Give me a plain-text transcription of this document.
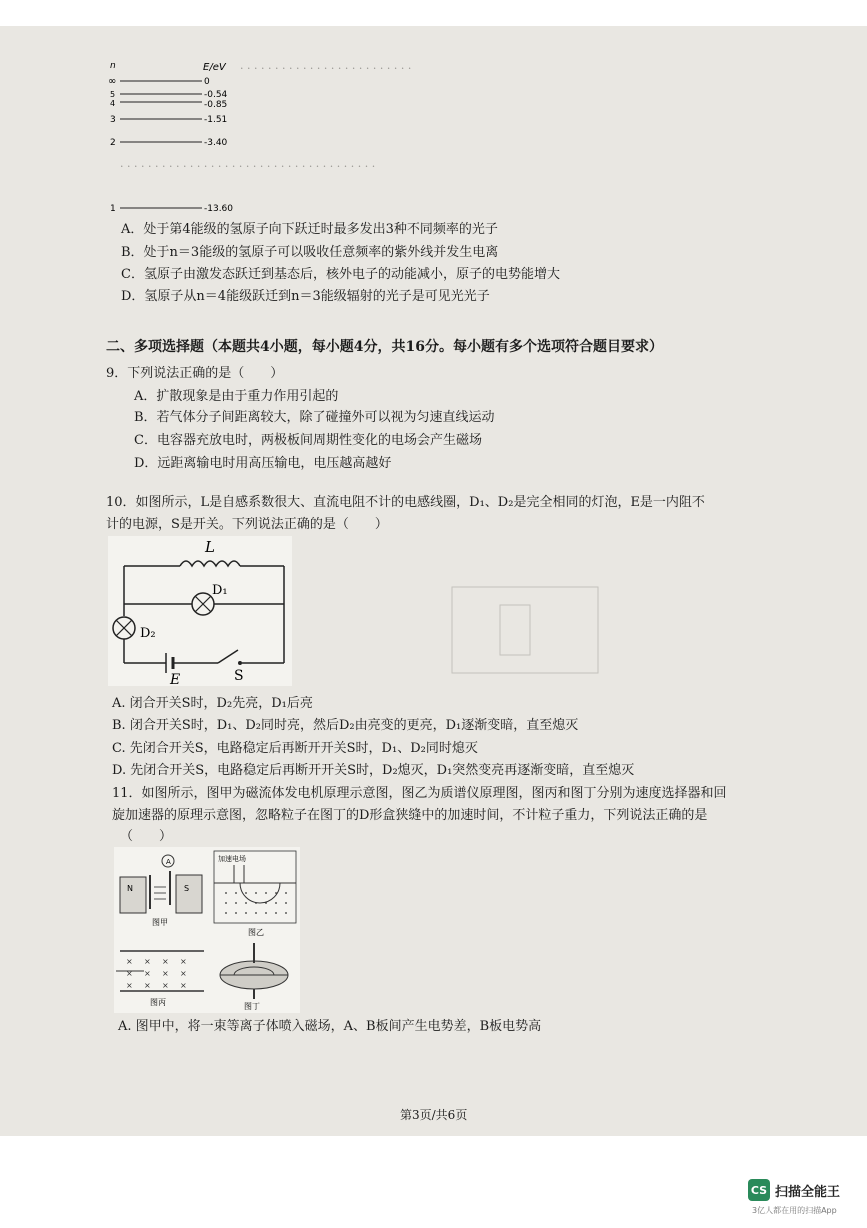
· · · · · · · · · · · · · · · · · · · · · · · · ·
· · · · · · · · · · · · · · · · · · · · · · · · · · · · · · · · · · · · ·
n	E/eV
∞	0
5	-0.54
4	-0.85
3	-1.51
2	-3.40
1	-13.60
A．处于第4能级的氢原子向下跃迁时最多发出3种不同频率的光子
B．处于n＝3能级的氢原子可以吸收任意频率的紫外线并发生电离
C．氢原子由激发态跃迁到基态后，核外电子的动能减小，原子的电势能增大
D．氢原子从n＝4能级跃迁到n＝3能级辐射的光子是可见光光子
二、多项选择题（本题共4小题，每小题4分，共16分。每小题有多个选项符合题目要求）
9．下列说法正确的是（　　）
A．扩散现象是由于重力作用引起的
B．若气体分子间距离较大，除了碰撞外可以视为匀速直线运动
C．电容器充放电时，两极板间周期性变化的电场会产生磁场
D．远距离输电时用高压输电，电压越高越好
10．如图所示，L是自感系数很大、直流电阻不计的电感线圈，D₁、D₂是完全相同的灯泡，E是一内阻不
计的电源，S是开关。下列说法正确的是（　　）
L
D₁
D₂
E	S
A. 闭合开关S时，D₂先亮，D₁后亮
B. 闭合开关S时，D₁、D₂同时亮，然后D₂由亮变的更亮，D₁逐渐变暗，直至熄灭
C. 先闭合开关S，电路稳定后再断开开关S时，D₁、D₂同时熄灭
D. 先闭合开关S，电路稳定后再断开开关S时，D₂熄灭，D₁突然变亮再逐渐变暗，直至熄灭
11．如图所示，图甲为磁流体发电机原理示意图，图乙为质谱仪原理图，图丙和图丁分别为速度选择器和回
旋加速器的原理示意图，忽略粒子在图丁的D形盒狭缝中的加速时间，不计粒子重力，下列说法正确的是
（　　）
N	S
A
图甲
加速电场
图乙
× × × ×
× × × ×
× × × ×
图丙	图丁
A. 图甲中，将一束等离子体喷入磁场，A、B板间产生电势差，B板电势高
第3页/共6页
CS 扫描全能王
3亿人都在用的扫描App
